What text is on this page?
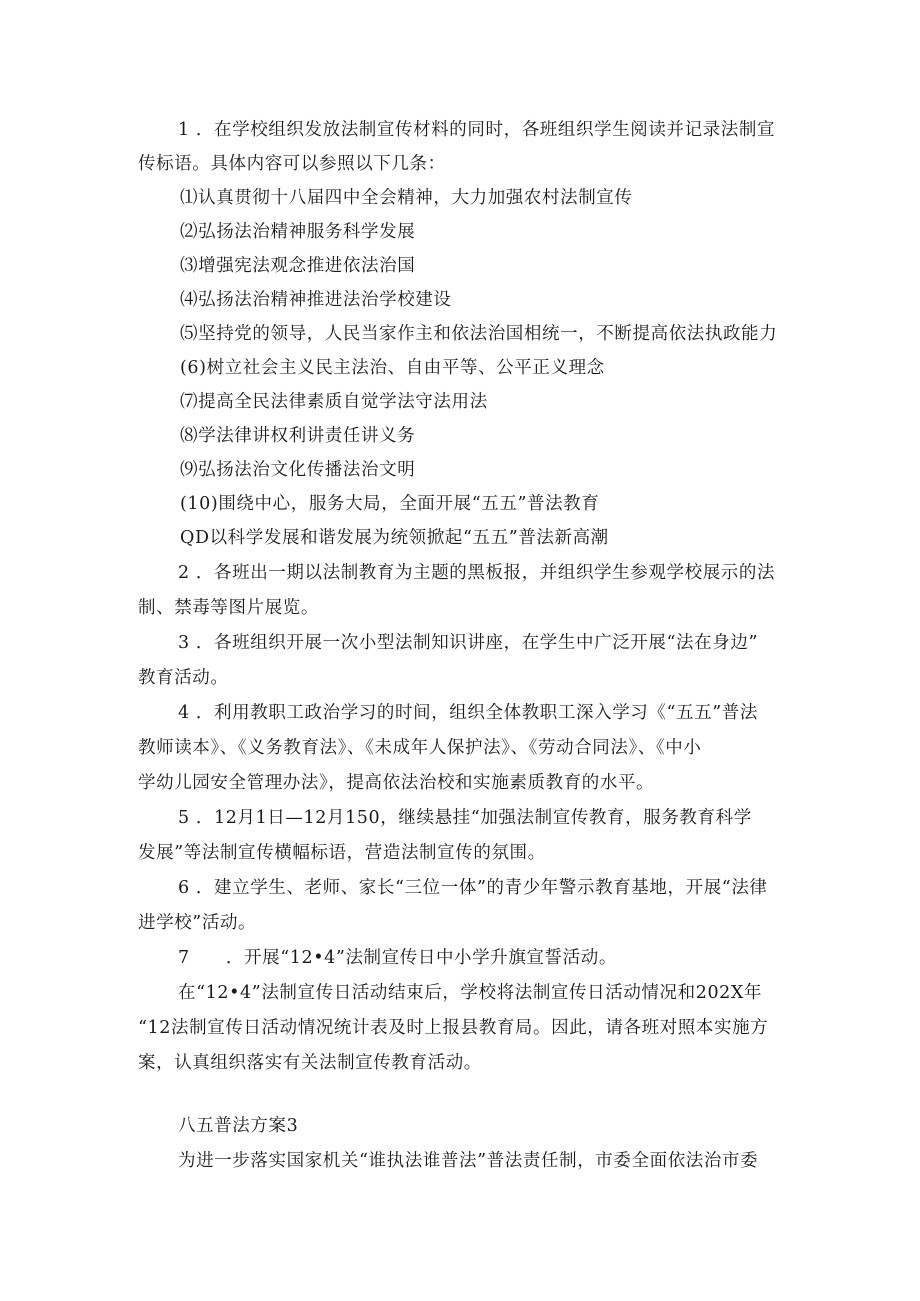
1 ．在学校组织发放法制宣传材料的同时，各班组织学生阅读并记录法制宣
传标语。具体内容可以参照以下几条：
⑴认真贯彻十八届四中全会精神，大力加强农村法制宣传
⑵弘扬法治精神服务科学发展
⑶增强宪法观念推进依法治国
⑷弘扬法治精神推进法治学校建设
⑸坚持党的领导，人民当家作主和依法治国相统一，不断提高依法执政能力
(6)树立社会主义民主法治、自由平等、公平正义理念
⑺提高全民法律素质自觉学法守法用法
⑻学法律讲权利讲责任讲义务
⑼弘扬法治文化传播法治文明
(10)围绕中心，服务大局，全面开展“五五”普法教育
QD以科学发展和谐发展为统领掀起“五五”普法新高潮
2 ．各班出一期以法制教育为主题的黑板报，并组织学生参观学校展示的法
制、禁毒等图片展览。
3 ．各班组织开展一次小型法制知识讲座，在学生中广泛开展“法在身边”
教育活动。
4 ．利用教职工政治学习的时间，组织全体教职工深入学习《“五五”普法
教师读本》、《义务教育法》、《未成年人保护法》、《劳动合同法》、《中小
学幼儿园安全管理办法》，提高依法治校和实施素质教育的水平。
5 ．12月1日—12月150，继续悬挂“加强法制宣传教育，服务教育科学
发展”等法制宣传横幅标语，营造法制宣传的氛围。
6 ．建立学生、老师、家长“三位一体”的青少年警示教育基地，开展“法律
进学校”活动。
7　　．开展“12•4”法制宣传日中小学升旗宣誓活动。
在“12•4”法制宣传日活动结束后，学校将法制宣传日活动情况和202X年
“12法制宣传日活动情况统计表及时上报县教育局。因此，请各班对照本实施方
案，认真组织落实有关法制宣传教育活动。
八五普法方案3
为进一步落实国家机关“谁执法谁普法”普法责任制，市委全面依法治市委
